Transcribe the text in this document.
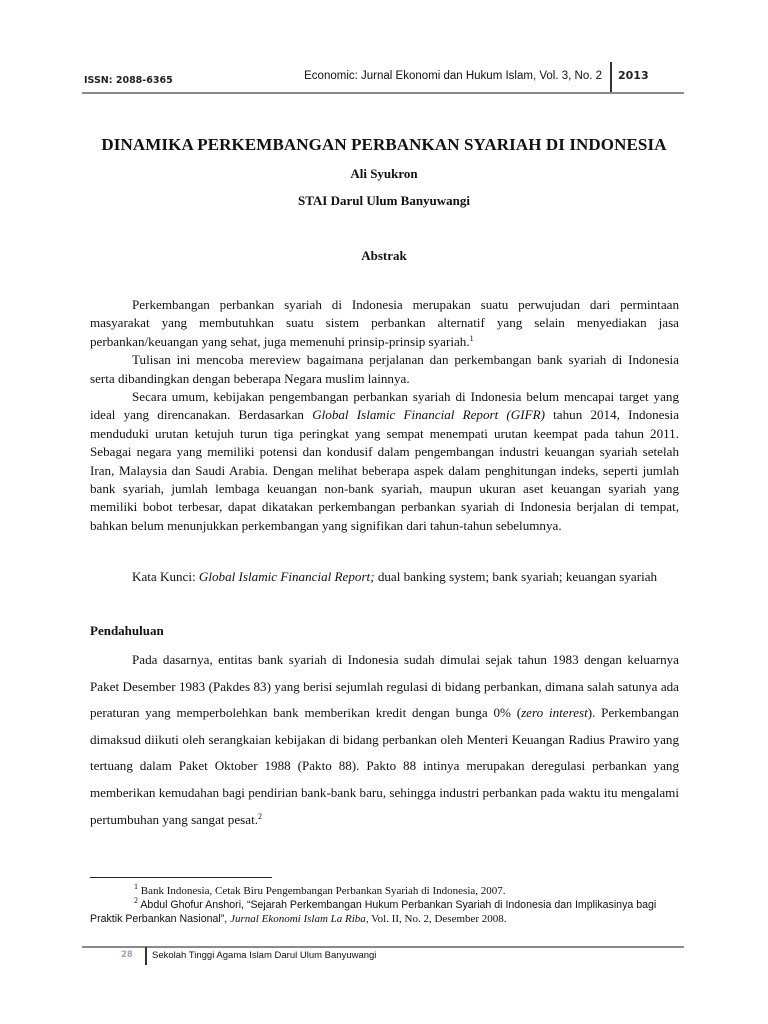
ISSN: 2088-6365	Economic: Jurnal Ekonomi dan Hukum Islam, Vol. 3, No. 2 2013
DINAMIKA PERKEMBANGAN PERBANKAN SYARIAH DI INDONESIA
Ali Syukron
STAI Darul Ulum Banyuwangi
Abstrak

Perkembangan perbankan syariah di Indonesia merupakan suatu perwujudan dari permintaan masyarakat yang membutuhkan suatu sistem perbankan alternatif yang selain menyediakan jasa perbankan/keuangan yang sehat, juga memenuhi prinsip-prinsip syariah.$^1$

Tulisan ini mencoba mereview bagaimana perjalanan dan perkembangan bank syariah di Indonesia serta dibandingkan dengan beberapa Negara muslim lainnya.

Secara umum, kebijakan pengembangan perbankan syariah di Indonesia belum mencapai target yang ideal yang direncanakan. Berdasarkan Global Islamic Financial Report (GIFR) tahun 2014, Indonesia menduduki urutan ketujuh turun tiga peringkat yang sempat menempati urutan keempat pada tahun 2011. Sebagai negara yang memiliki potensi dan kondusif dalam pengembangan industri keuangan syariah setelah Iran, Malaysia dan Saudi Arabia. Dengan melihat beberapa aspek dalam penghitungan indeks, seperti jumlah bank syariah, jumlah lembaga keuangan non-bank syariah, maupun ukuran aset keuangan syariah yang memiliki bobot terbesar, dapat dikatakan perkembangan perbankan syariah di Indonesia berjalan di tempat, bahkan belum menunjukkan perkembangan yang signifikan dari tahun-tahun sebelumnya.

Kata Kunci: Global Islamic Financial Report; dual banking system; bank syariah; keuangan syariah
Pendahuluan

Pada dasarnya, entitas bank syariah di Indonesia sudah dimulai sejak tahun 1983 dengan keluarnya Paket Desember 1983 (Pakdes 83) yang berisi sejumlah regulasi di bidang perbankan, dimana salah satunya ada peraturan yang memperbolehkan bank memberikan kredit dengan bunga 0% (zero interest). Perkembangan dimaksud diikuti oleh serangkaian kebijakan di bidang perbankan oleh Menteri Keuangan Radius Prawiro yang tertuang dalam Paket Oktober 1988 (Pakto 88). Pakto 88 intinya merupakan deregulasi perbankan yang memberikan kemudahan bagi pendirian bank-bank baru, sehingga industri perbankan pada waktu itu mengalami pertumbuhan yang sangat pesat.$^2$

$^1$ Bank Indonesia, Cetak Biru Pengembangan Perbankan Syariah di Indonesia, 2007.

$^2$ Abdul Ghofur Anshori, “Sejarah Perkembangan Hukum Perbankan Syariah di Indonesia dan Implikasinya bagi Praktik Perbankan Nasional”, Jurnal Ekonomi Islam La Riba, Vol. II, No. 2, Desember 2008.

28 Sekolah Tinggi Agama Islam Darul Ulum Banyuwangi
